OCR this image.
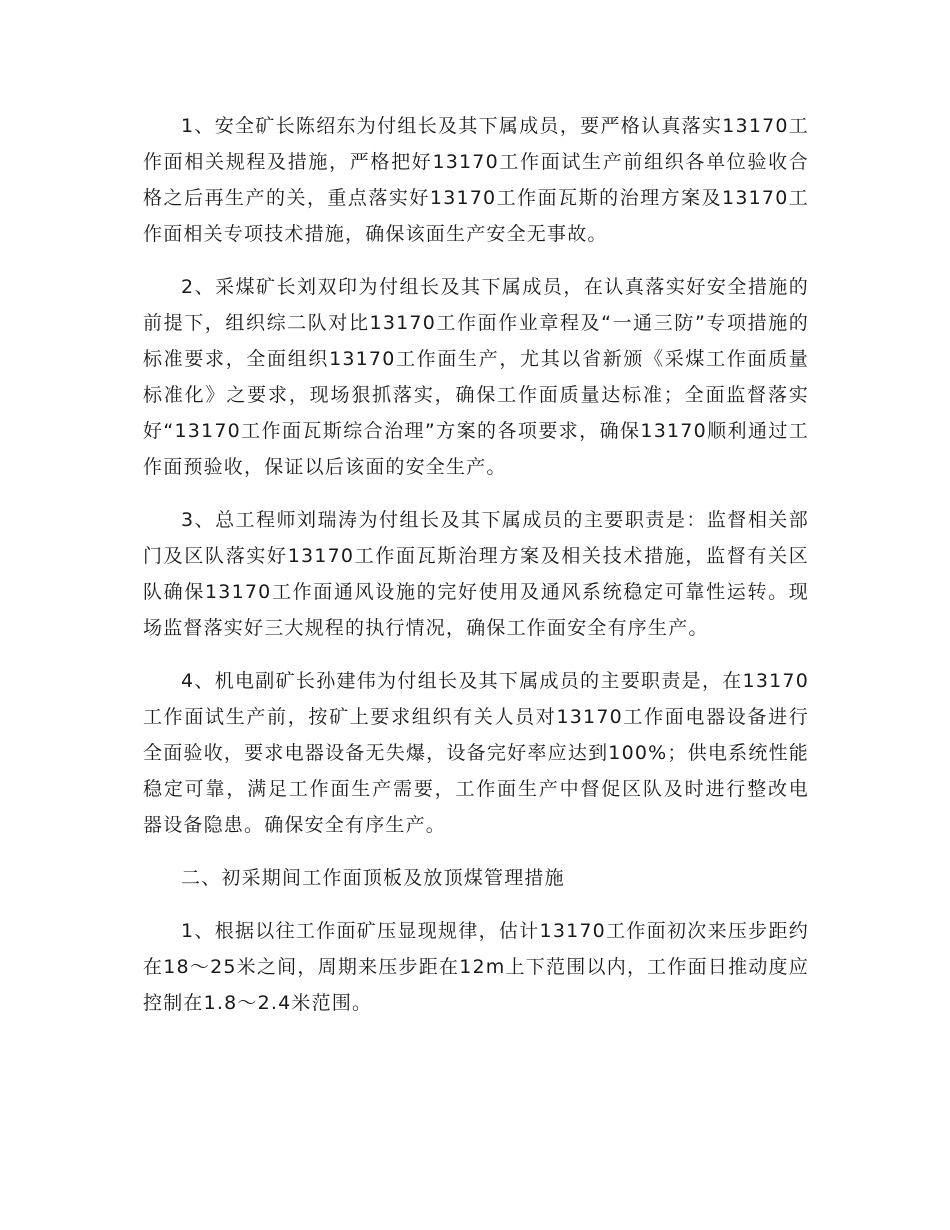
1、安全矿长陈绍东为付组长及其下属成员，要严格认真落实13170工作面相关规程及措施，严格把好13170工作面试生产前组织各单位验收合格之后再生产的关，重点落实好13170工作面瓦斯的治理方案及13170工作面相关专项技术措施，确保该面生产安全无事故。

2、采煤矿长刘双印为付组长及其下属成员，在认真落实好安全措施的前提下，组织综二队对比13170工作面作业章程及“一通三防”专项措施的标准要求，全面组织13170工作面生产，尤其以省新颁《采煤工作面质量标准化》之要求，现场狠抓落实，确保工作面质量达标准；全面监督落实好“13170工作面瓦斯综合治理”方案的各项要求，确保13170顺利通过工作面预验收，保证以后该面的安全生产。

3、总工程师刘瑞涛为付组长及其下属成员的主要职责是：监督相关部门及区队落实好13170工作面瓦斯治理方案及相关技术措施，监督有关区队确保13170工作面通风设施的完好使用及通风系统稳定可靠性运转。现场监督落实好三大规程的执行情况，确保工作面安全有序生产。

4、机电副矿长孙建伟为付组长及其下属成员的主要职责是，在13170工作面试生产前，按矿上要求组织有关人员对13170工作面电器设备进行全面验收，要求电器设备无失爆，设备完好率应达到100%；供电系统性能稳定可靠，满足工作面生产需要，工作面生产中督促区队及时进行整改电器设备隐患。确保安全有序生产。

二、初采期间工作面顶板及放顶煤管理措施

1、根据以往工作面矿压显现规律，估计13170工作面初次来压步距约在18～25米之间，周期来压步距在12m上下范围以内，工作面日推动度应控制在1.8～2.4米范围。
